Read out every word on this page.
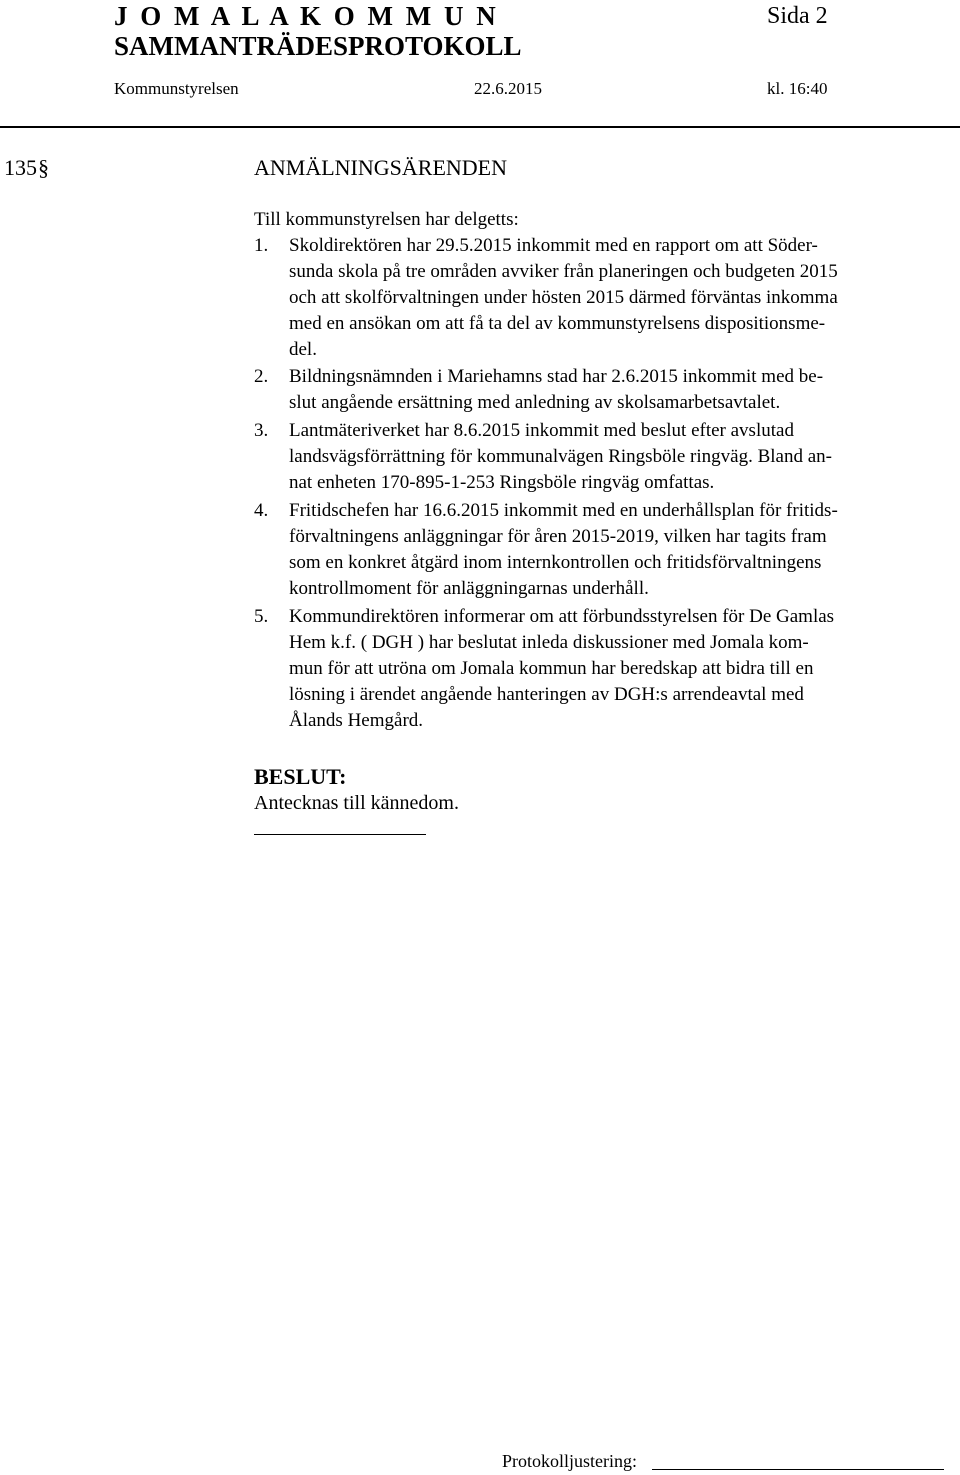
J O M A L A K O M M U N	Sida 2
SAMMANTRÄDESPROTOKOLL
Kommunstyrelsen	22.6.2015	kl. 16:40
135 §	ANMÄLNINGSÄRENDEN
Till kommunstyrelsen har delgetts:
1. Skoldirektören har 29.5.2015 inkommit med en rapport om att Söder-
sunda skola på tre områden avviker från planeringen och budgeten 2015
och att skolförvaltningen under hösten 2015 därmed förväntas inkomma
med en ansökan om att få ta del av kommunstyrelsens dispositionsme-
del.
2. Bildningsnämnden i Mariehamns stad har 2.6.2015 inkommit med be-
slut angående ersättning med anledning av skolsamarbetsavtalet.
3. Lantmäteriverket har 8.6.2015 inkommit med beslut efter avslutad
landsvägsförrättning för kommunalvägen Ringsböle ringväg. Bland an-
nat enheten 170-895-1-253 Ringsböle ringväg omfattas.
4. Fritidschefen har 16.6.2015 inkommit med en underhållsplan för fritids-
förvaltningens anläggningar för åren 2015-2019, vilken har tagits fram
som en konkret åtgärd inom internkontrollen och fritidsförvaltningens
kontrollmoment för anläggningarnas underhåll.
5. Kommundirektören informerar om att förbundsstyrelsen för De Gamlas
Hem k.f. ( DGH ) har beslutat inleda diskussioner med Jomala kom-
mun för att utröna om Jomala kommun har beredskap att bidra till en
lösning i ärendet angående hanteringen av DGH:s arrendeavtal med
Ålands Hemgård.
BESLUT:
Antecknas till kännedom.
Protokolljustering:
